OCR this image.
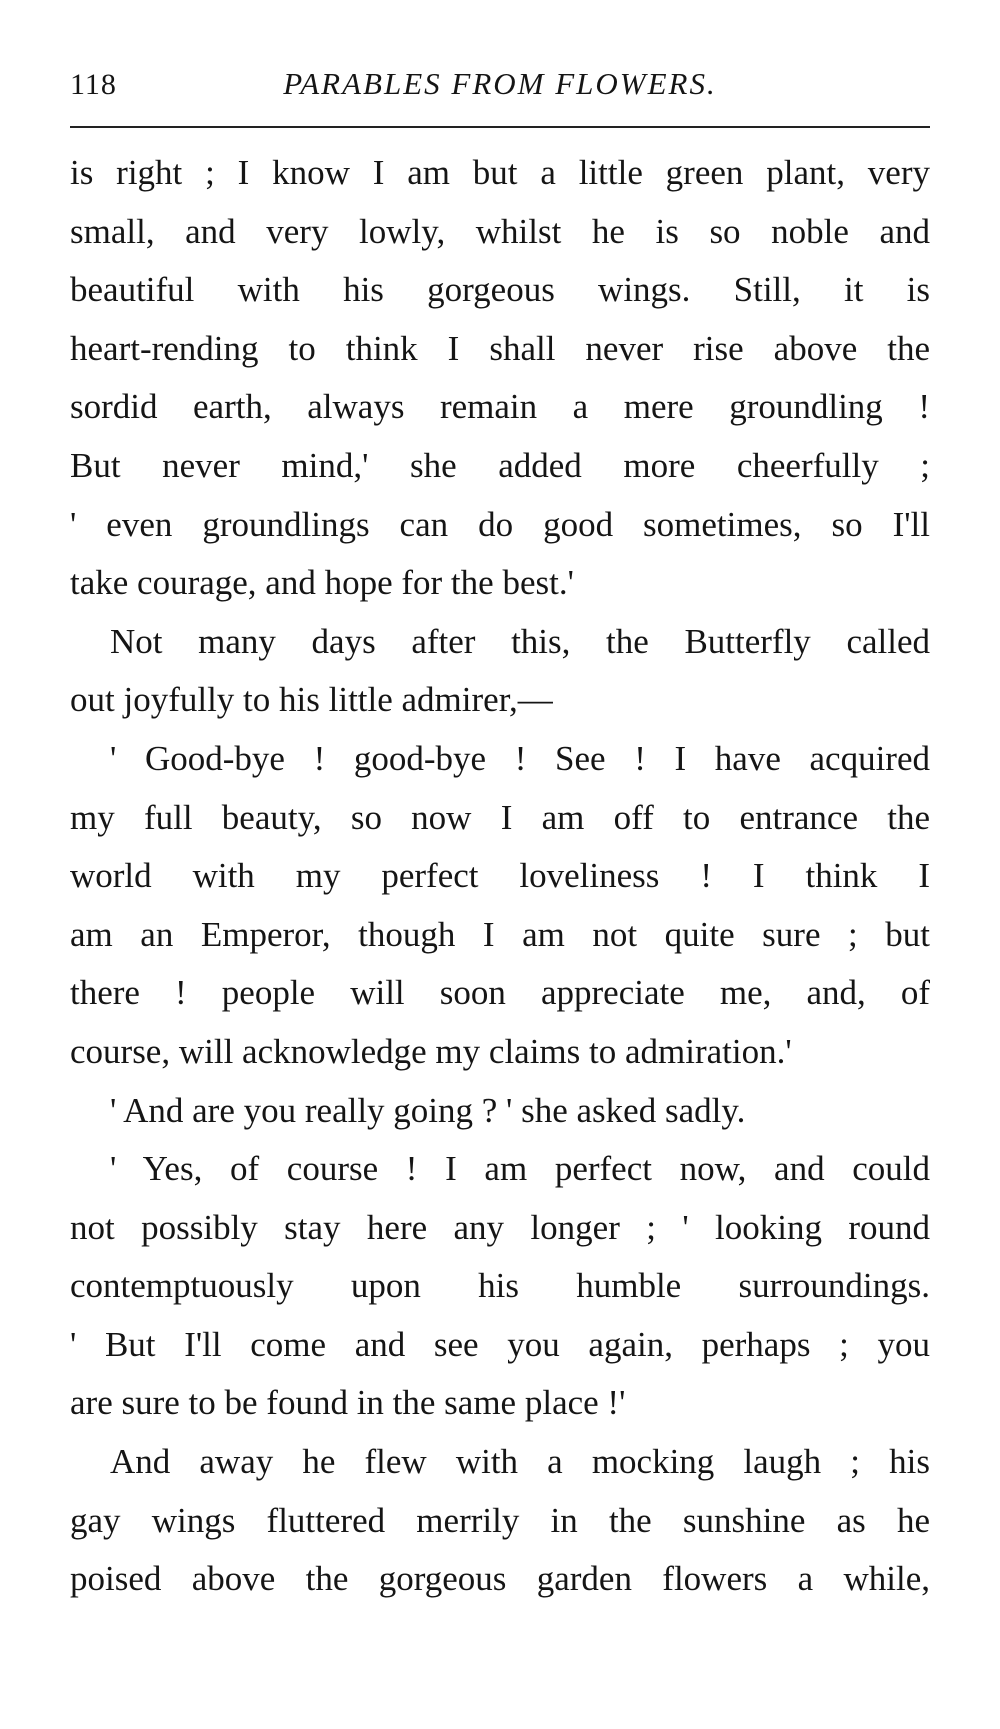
118	PARABLES FROM FLOWERS.
is right ; I know I am but a little green plant, very
small, and very lowly, whilst he is so noble and
beautiful with his gorgeous wings. Still, it is
heart-rending to think I shall never rise above the
sordid earth, always remain a mere groundling !
But never mind,' she added more cheerfully ;
' even groundlings can do good sometimes, so I'll
take courage, and hope for the best.'
Not many days after this, the Butterfly called
out joyfully to his little admirer,—
' Good-bye ! good-bye ! See ! I have acquired
my full beauty, so now I am off to entrance the
world with my perfect loveliness ! I think I
am an Emperor, though I am not quite sure ; but
there ! people will soon appreciate me, and, of
course, will acknowledge my claims to admiration.'
' And are you really going ? ' she asked sadly.
' Yes, of course ! I am perfect now, and could
not possibly stay here any longer ; ' looking round
contemptuously upon his humble surroundings.
' But I'll come and see you again, perhaps ; you
are sure to be found in the same place !'
And away he flew with a mocking laugh ; his
gay wings fluttered merrily in the sunshine as he
poised above the gorgeous garden flowers a while,
